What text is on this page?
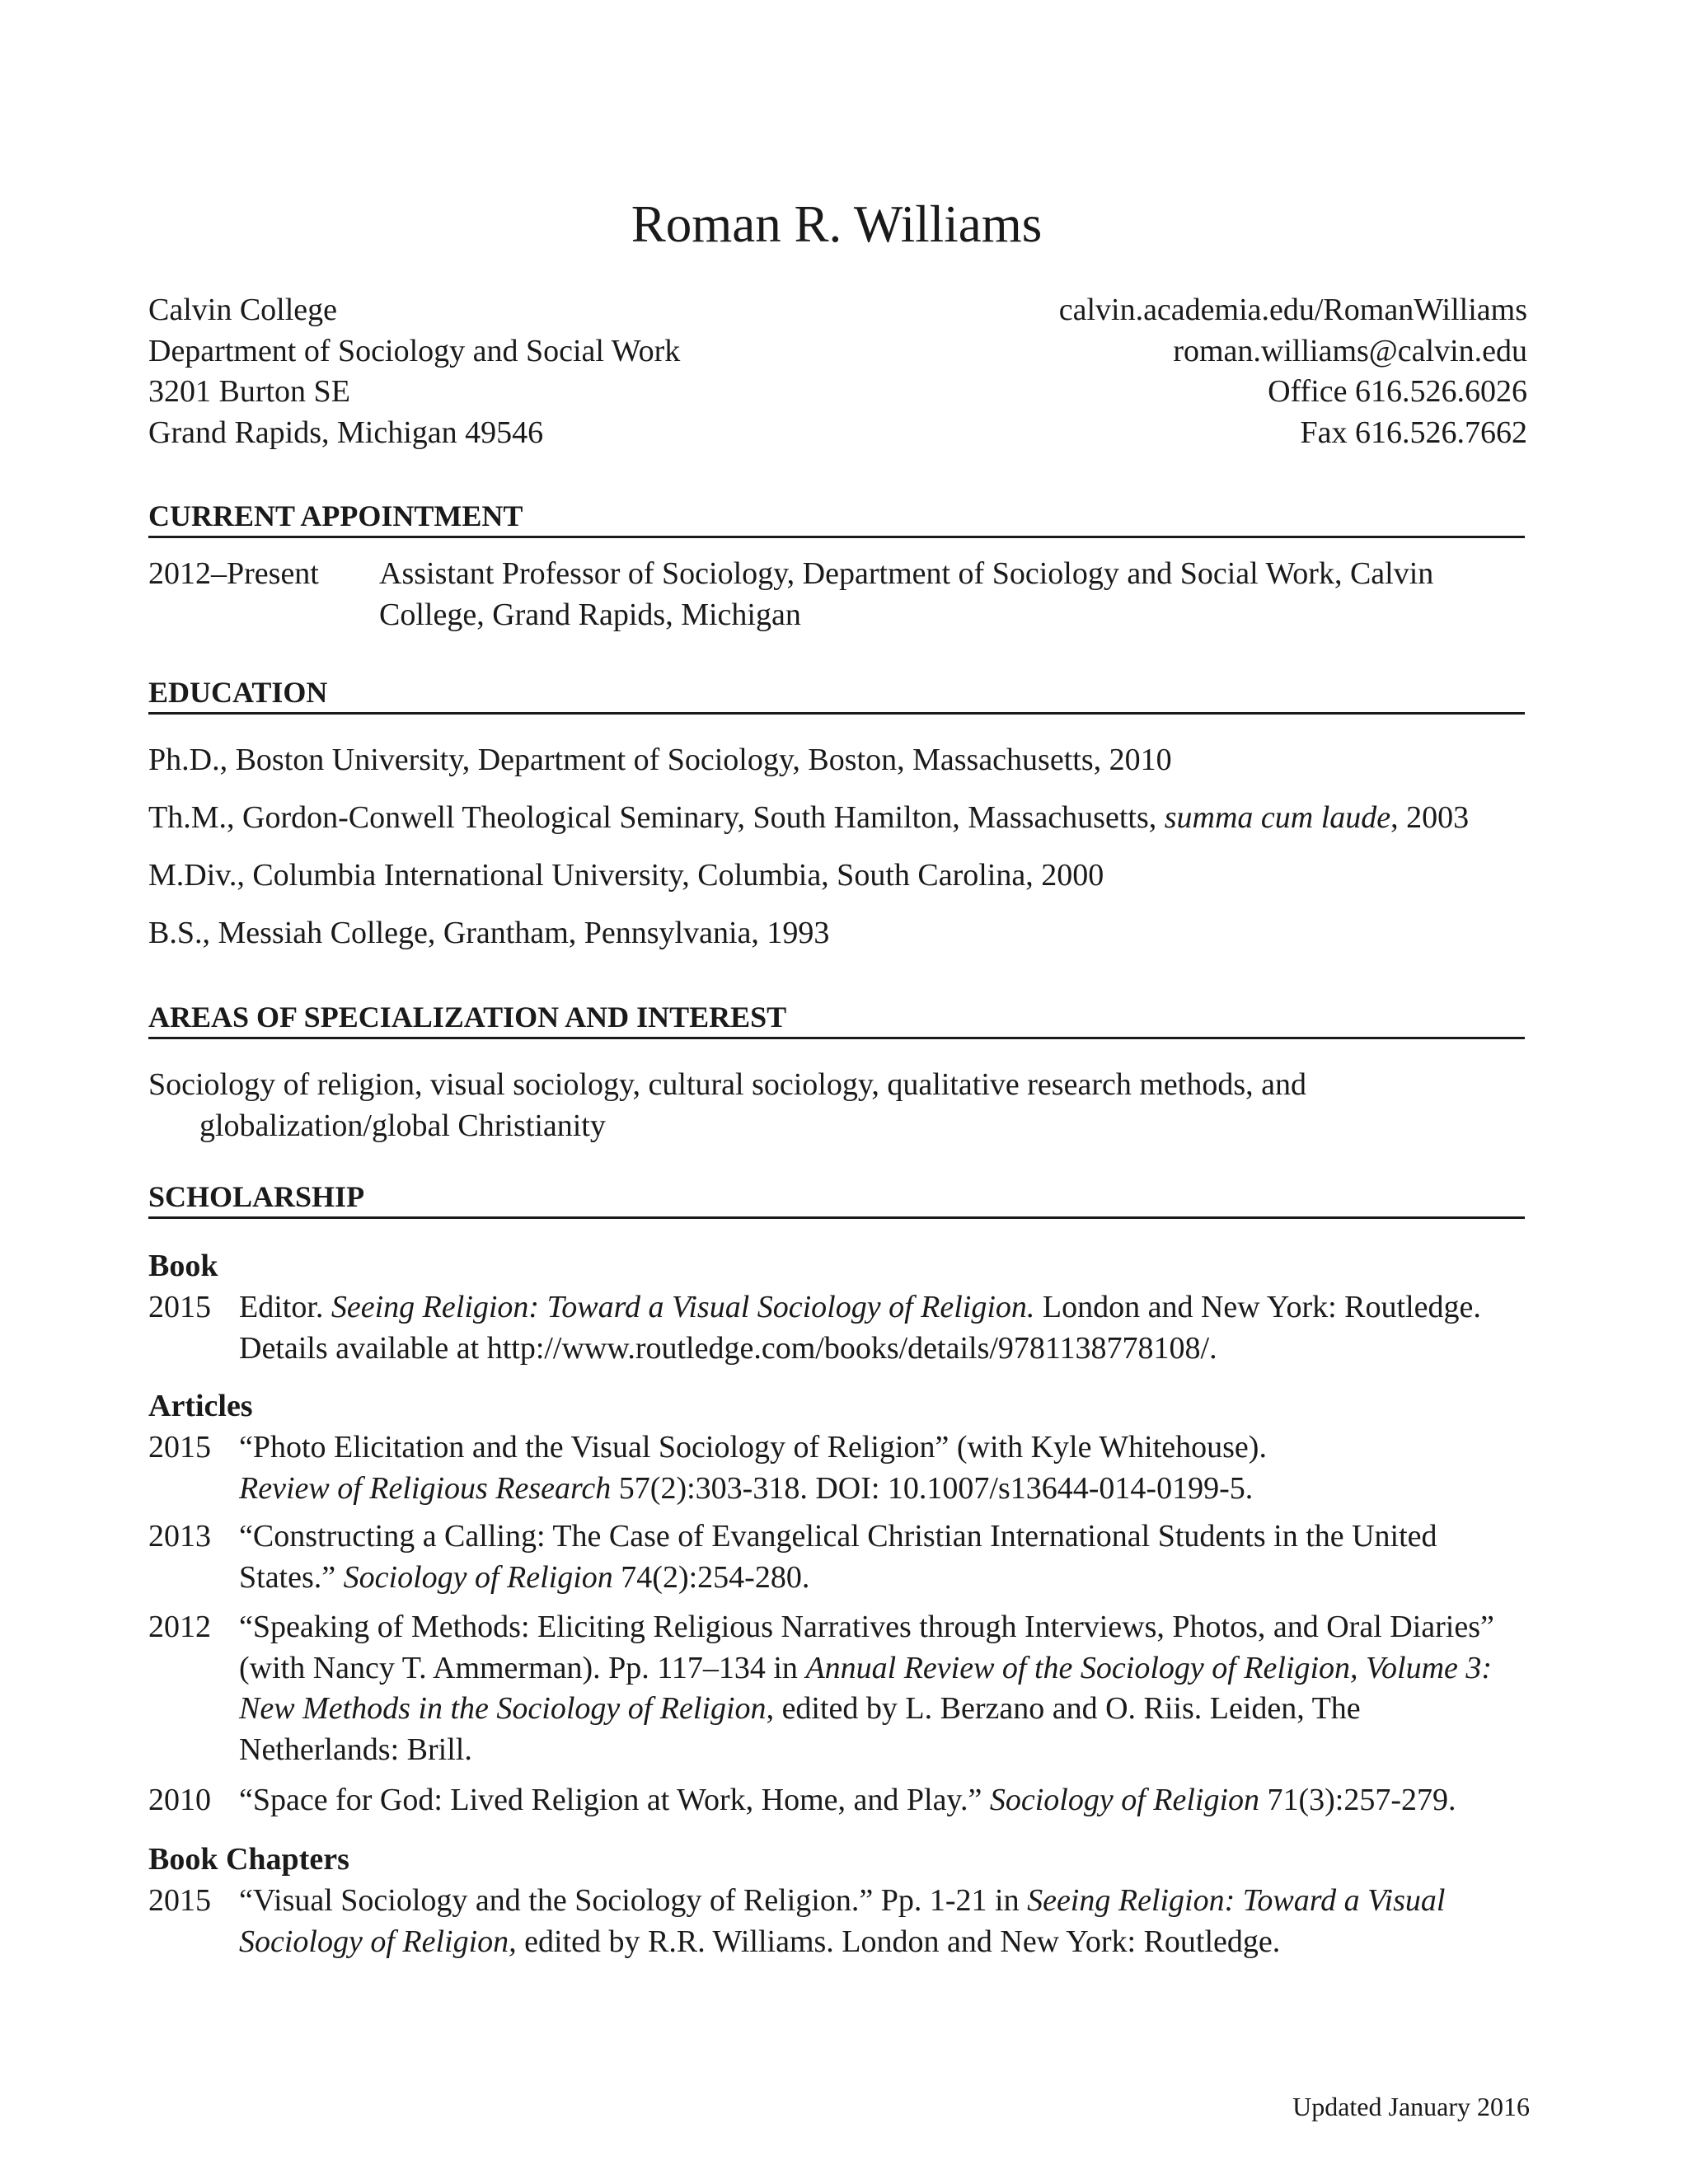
Roman R. Williams
Calvin College
Department of Sociology and Social Work
3201 Burton SE
Grand Rapids, Michigan 49546
calvin.academia.edu/RomanWilliams
roman.williams@calvin.edu
Office 616.526.6026
Fax 616.526.7662
CURRENT APPOINTMENT
2012–Present	Assistant Professor of Sociology, Department of Sociology and Social Work, Calvin College, Grand Rapids, Michigan
EDUCATION
Ph.D., Boston University, Department of Sociology, Boston, Massachusetts, 2010
Th.M., Gordon-Conwell Theological Seminary, South Hamilton, Massachusetts, summa cum laude, 2003
M.Div., Columbia International University, Columbia, South Carolina, 2000
B.S., Messiah College, Grantham, Pennsylvania, 1993
AREAS OF SPECIALIZATION AND INTEREST
Sociology of religion, visual sociology, cultural sociology, qualitative research methods, and globalization/global Christianity
SCHOLARSHIP
Book
2015 Editor. Seeing Religion: Toward a Visual Sociology of Religion. London and New York: Routledge. Details available at http://www.routledge.com/books/details/9781138778108/.
Articles
2015 “Photo Elicitation and the Visual Sociology of Religion” (with Kyle Whitehouse).
Review of Religious Research 57(2):303-318. DOI: 10.1007/s13644-014-0199-5.
2013 “Constructing a Calling: The Case of Evangelical Christian International Students in the United States.” Sociology of Religion 74(2):254-280.
2012 “Speaking of Methods: Eliciting Religious Narratives through Interviews, Photos, and Oral Diaries” (with Nancy T. Ammerman). Pp. 117–134 in Annual Review of the Sociology of Religion, Volume 3: New Methods in the Sociology of Religion, edited by L. Berzano and O. Riis. Leiden, The Netherlands: Brill.
2010 “Space for God: Lived Religion at Work, Home, and Play.” Sociology of Religion 71(3):257-279.
Book Chapters
2015 “Visual Sociology and the Sociology of Religion.” Pp. 1-21 in Seeing Religion: Toward a Visual Sociology of Religion, edited by R.R. Williams. London and New York: Routledge.
Updated January 2016
